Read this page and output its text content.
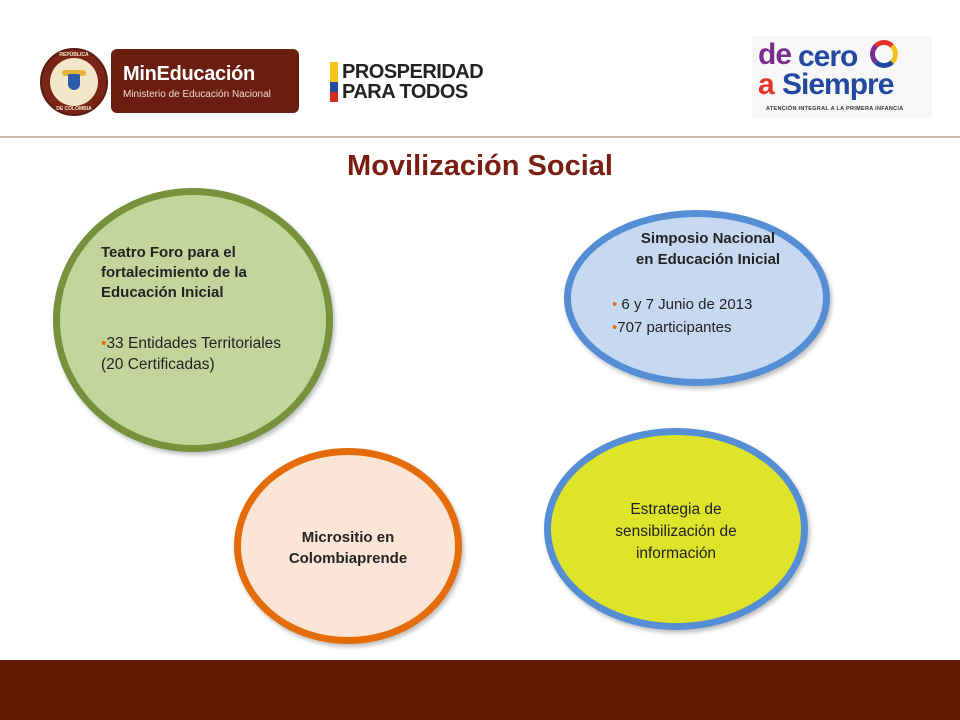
REPÚBLICA
DE COLOMBIA
MinEducación
Ministerio de Educación Nacional
PROSPERIDAD
PARA TODOS
de cero
a Siempre
ATENCIÓN INTEGRAL A LA PRIMERA INFANCIA
Movilización Social
Teatro Foro para el fortalecimiento de la Educación Inicial
• 33 Entidades Territoriales (20 Certificadas)
Simposio Nacional
en Educación Inicial
• 6 y 7 Junio de 2013
• 707 participantes
Micrositio en
Colombiaprende
Estrategia de
sensibilización de
información
